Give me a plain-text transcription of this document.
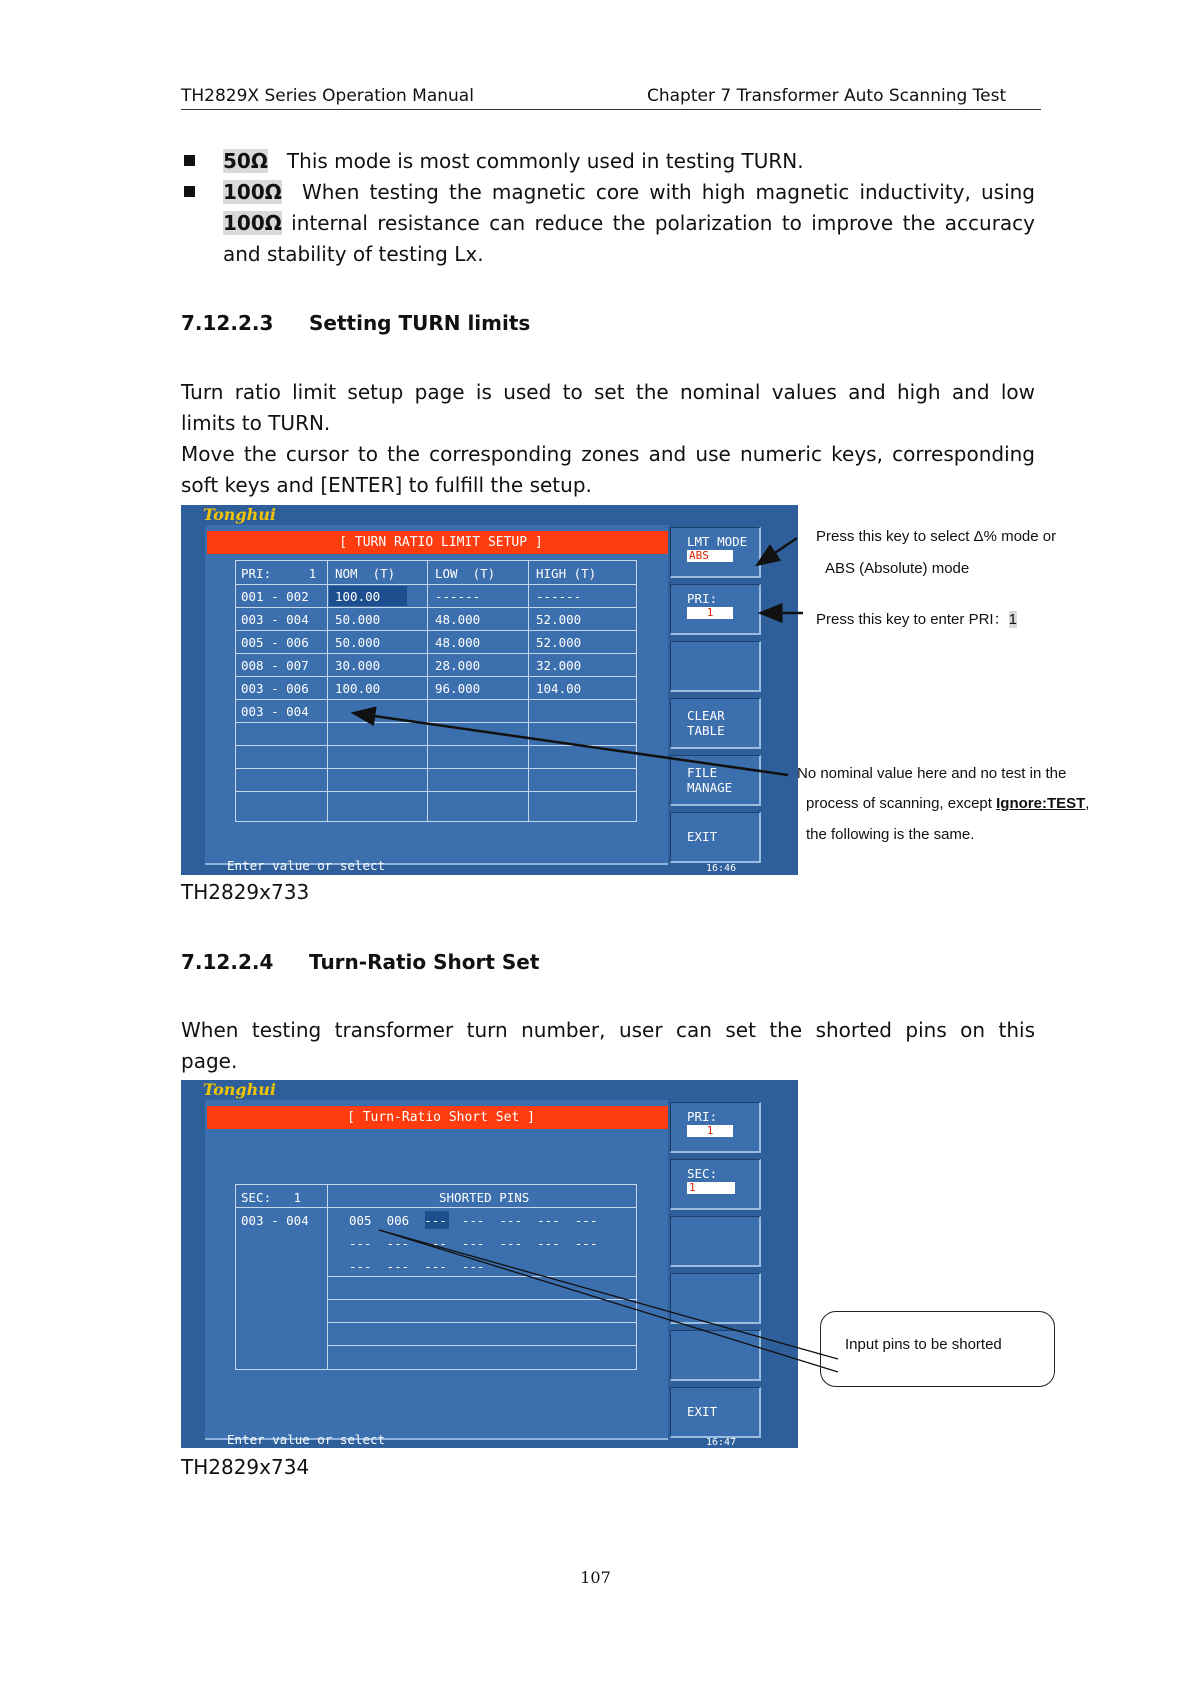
TH2829X Series Operation Manual	Chapter 7 Transformer Auto Scanning Test
50Ω This mode is most commonly used in testing TURN.
100Ω When testing the magnetic core with high magnetic inductivity, using
100Ω internal resistance can reduce the polarization to improve the accuracy
and stability of testing Lx.
7.12.2.3 Setting TURN limits
Turn ratio limit setup page is used to set the nominal values and high and low
limits to TURN.
Move the cursor to the corresponding zones and use numeric keys, corresponding
soft keys and [ENTER] to fulfill the setup.
Tonghui
[ TURN RATIO LIMIT SETUP ]
PRI:     1 NOM  (T)	LOW  (T)	HIGH (T)
001 - 002 100.00	------	------
003 - 004 50.000	48.000	52.000
005 - 006 50.000	48.000	52.000
008 - 007 30.000	28.000	32.000
003 - 006 100.00	96.000	104.00
003 - 004
Enter value or select
LMT MODE
ABS
PRI:
1
CLEAR
TABLE
FILE
MANAGE
EXIT
16:46
Press this key to select Δ% mode or
ABS (Absolute) mode
Press this key to enter PRI：1
No nominal value here and no test in the
process of scanning, except Ignore:TEST,
the following is the same.
TH2829x733
7.12.2.4 Turn-Ratio Short Set
When testing transformer turn number, user can set the shorted pins on this
page.
Tonghui
[ Turn-Ratio Short Set ]
SEC:   1	SHORTED PINS
003 - 004	005  006  ---  ---  ---  ---  ---
---  ---  ---  ---  ---  ---  ---
---  ---  ---  ---
Enter value or select
PRI:
1
SEC:
1
EXIT
16:47
Input pins to be shorted
TH2829x734
107
